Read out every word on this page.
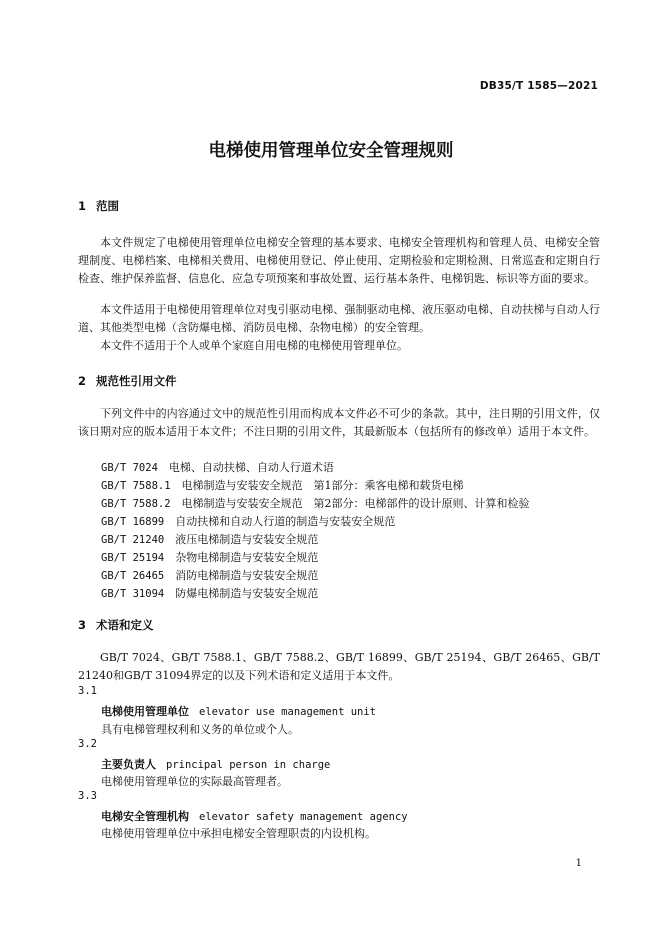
DB35/T 1585—2021
电梯使用管理单位安全管理规则
1 范围
本文件规定了电梯使用管理单位电梯安全管理的基本要求、电梯安全管理机构和管理人员、电梯安全管理制度、电梯档案、电梯相关费用、电梯使用登记、停止使用、定期检验和定期检测、日常巡查和定期自行检查、维护保养监督、信息化、应急专项预案和事故处置、运行基本条件、电梯钥匙、标识等方面的要求。
本文件适用于电梯使用管理单位对曳引驱动电梯、强制驱动电梯、液压驱动电梯、自动扶梯与自动人行道、其他类型电梯（含防爆电梯、消防员电梯、杂物电梯）的安全管理。
本文件不适用于个人或单个家庭自用电梯的电梯使用管理单位。
2 规范性引用文件
下列文件中的内容通过文中的规范性引用而构成本文件必不可少的条款。其中，注日期的引用文件，仅该日期对应的版本适用于本文件；不注日期的引用文件，其最新版本（包括所有的修改单）适用于本文件。
GB/T 7024　 电梯、自动扶梯、自动人行道术语
GB/T 7588.1　 电梯制造与安装安全规范　第1部分：乘客电梯和载货电梯
GB/T 7588.2　 电梯制造与安装安全规范　第2部分：电梯部件的设计原则、计算和检验
GB/T 16899　 自动扶梯和自动人行道的制造与安装安全规范
GB/T 21240　 液压电梯制造与安装安全规范
GB/T 25194　 杂物电梯制造与安装安全规范
GB/T 26465　 消防电梯制造与安装安全规范
GB/T 31094　 防爆电梯制造与安装安全规范
3 术语和定义
GB/T 7024、GB/T 7588.1、GB/T 7588.2、GB/T 16899、GB/T 25194、GB/T 26465、GB/T 21240和GB/T 31094界定的以及下列术语和定义适用于本文件。
3.1
电梯使用管理单位 elevator use management unit
具有电梯管理权利和义务的单位或个人。
3.2
主要负责人 principal person in charge
电梯使用管理单位的实际最高管理者。
3.3
电梯安全管理机构 elevator safety management agency
电梯使用管理单位中承担电梯安全管理职责的内设机构。
1
